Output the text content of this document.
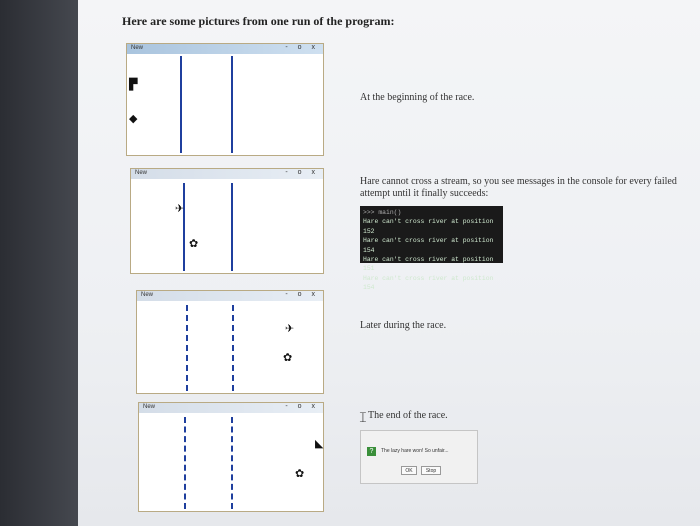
Here are some pictures from one run of the program:
New	- o x
▛
◆
At the beginning of the race.
New	- o x
✈
✿
Hare cannot cross a stream, so you see messages in the console for every failed attempt until it finally succeeds:
>>> main()
Hare can't cross river at position 152
Hare can't cross river at position 154
Hare can't cross river at position 151
Hare can't cross river at position 154
New	- o x
✈
✿
Later during the race.
New	- o x
◣
✿
𝙸 The end of the race.
?	The lazy hare won! So unfair...
OK	Stop
